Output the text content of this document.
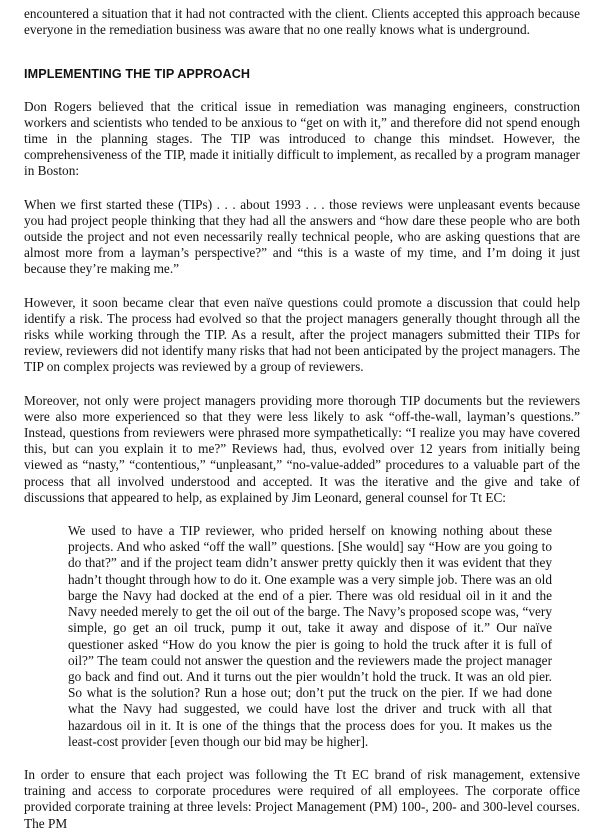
encountered a situation that it had not contracted with the client. Clients accepted this approach because everyone in the remediation business was aware that no one really knows what is underground.

IMPLEMENTING THE TIP APPROACH

Don Rogers believed that the critical issue in remediation was managing engineers, construction workers and scientists who tended to be anxious to “get on with it,” and therefore did not spend enough time in the planning stages. The TIP was introduced to change this mindset. However, the comprehensiveness of the TIP, made it initially difficult to implement, as recalled by a program manager in Boston:

When we first started these (TIPs) . . . about 1993 . . . those reviews were unpleasant events because you had project people thinking that they had all the answers and “how dare these people who are both outside the project and not even necessarily really technical people, who are asking questions that are almost more from a layman’s perspective?” and “this is a waste of my time, and I’m doing it just because they’re making me.”

However, it soon became clear that even naïve questions could promote a discussion that could help identify a risk. The process had evolved so that the project managers generally thought through all the risks while working through the TIP. As a result, after the project managers submitted their TIPs for review, reviewers did not identify many risks that had not been anticipated by the project managers. The TIP on complex projects was reviewed by a group of reviewers.

Moreover, not only were project managers providing more thorough TIP documents but the reviewers were also more experienced so that they were less likely to ask “off-the-wall, layman’s questions.” Instead, questions from reviewers were phrased more sympathetically: “I realize you may have covered this, but can you explain it to me?” Reviews had, thus, evolved over 12 years from initially being viewed as “nasty,” “contentious,” “unpleasant,” “no-value-added” procedures to a valuable part of the process that all involved understood and accepted. It was the iterative and the give and take of discussions that appeared to help, as explained by Jim Leonard, general counsel for Tt EC:

We used to have a TIP reviewer, who prided herself on knowing nothing about these projects. And who asked “off the wall” questions. [She would] say “How are you going to do that?” and if the project team didn’t answer pretty quickly then it was evident that they hadn’t thought through how to do it. One example was a very simple job. There was an old barge the Navy had docked at the end of a pier. There was old residual oil in it and the Navy needed merely to get the oil out of the barge. The Navy’s proposed scope was, “very simple, go get an oil truck, pump it out, take it away and dispose of it.” Our naïve questioner asked “How do you know the pier is going to hold the truck after it is full of oil?” The team could not answer the question and the reviewers made the project manager go back and find out. And it turns out the pier wouldn’t hold the truck. It was an old pier. So what is the solution? Run a hose out; don’t put the truck on the pier. If we had done what the Navy had suggested, we could have lost the driver and truck with all that hazardous oil in it. It is one of the things that the process does for you. It makes us the least-cost provider [even though our bid may be higher].

In order to ensure that each project was following the Tt EC brand of risk management, extensive training and access to corporate procedures were required of all employees. The corporate office provided corporate training at three levels: Project Management (PM) 100-, 200- and 300-level courses. The PM
